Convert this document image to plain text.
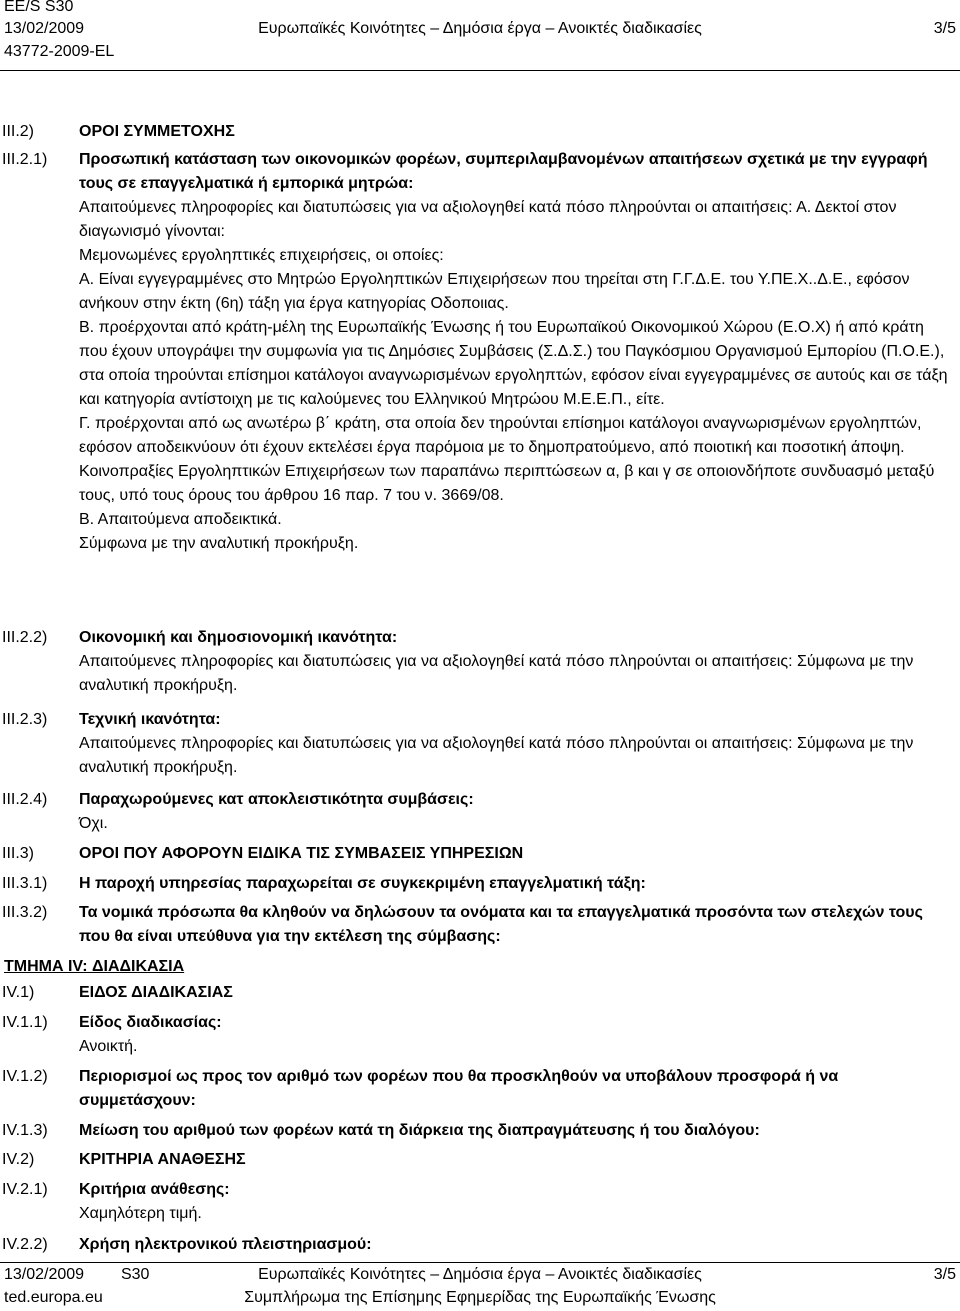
EE/S S30
13/02/2009	Ευρωπαϊκές Κοινότητες – Δημόσια έργα – Ανοικτές διαδικασίες	3/5
43772-2009-EL
III.2)	ΟΡΟΙ ΣΥΜΜΕΤΟΧΗΣ
III.2.1) Προσωπική κατάσταση των οικονομικών φορέων, συμπεριλαμβανομένων απαιτήσεων σχετικά με την εγγραφή τους σε επαγγελματικά ή εμπορικά μητρώα:
Απαιτούμενες πληροφορίες και διατυπώσεις για να αξιολογηθεί κατά πόσο πληρούνται οι απαιτήσεις: Α. Δεκτοί στον διαγωνισμό γίνονται:
Μεμονωμένες εργοληπτικές επιχειρήσεις, οι οποίες:
Α. Είναι εγγεγραμμένες στο Μητρώο Εργοληπτικών Επιχειρήσεων που τηρείται στη Γ.Γ.Δ.Ε. του Υ.ΠΕ.Χ..Δ.Ε., εφόσον ανήκουν στην έκτη (6η) τάξη για έργα κατηγορίας Οδοποιιας.
Β. προέρχονται από κράτη-μέλη της Ευρωπαϊκής Ένωσης ή του Ευρωπαϊκού Οικονομικού Χώρου (Ε.Ο.Χ) ή από κράτη που έχουν υπογράψει την συμφωνία για τις Δημόσιες Συμβάσεις (Σ.Δ.Σ.) του Παγκόσμιου Οργανισμού Εμπορίου (Π.Ο.Ε.), στα οποία τηρούνται επίσημοι κατάλογοι αναγνωρισμένων εργοληπτών, εφόσον είναι εγγεγραμμένες σε αυτούς και σε τάξη και κατηγορία αντίστοιχη με τις καλούμενες του Ελληνικού Μητρώου Μ.Ε.Ε.Π., είτε.
Γ. προέρχονται από ως ανωτέρω β΄ κράτη, στα οποία δεν τηρούνται επίσημοι κατάλογοι αναγνωρισμένων εργοληπτών, εφόσον αποδεικνύουν ότι έχουν εκτελέσει έργα παρόμοια με το δημοπρατούμενο, από ποιοτική και ποσοτική άποψη.
Κοινοπραξίες Εργοληπτικών Επιχειρήσεων των παραπάνω περιπτώσεων α, β και γ σε οποιονδήποτε συνδυασμό μεταξύ τους, υπό τους όρους του άρθρου 16 παρ. 7 του ν. 3669/08.
Β. Απαιτούμενα αποδεικτικά.
Σύμφωνα με την αναλυτική προκήρυξη.
III.2.2) Οικονομική και δημοσιονομική ικανότητα:
Απαιτούμενες πληροφορίες και διατυπώσεις για να αξιολογηθεί κατά πόσο πληρούνται οι απαιτήσεις: Σύμφωνα με την αναλυτική προκήρυξη.
III.2.3) Τεχνική ικανότητα:
Απαιτούμενες πληροφορίες και διατυπώσεις για να αξιολογηθεί κατά πόσο πληρούνται οι απαιτήσεις: Σύμφωνα με την αναλυτική προκήρυξη.
III.2.4) Παραχωρούμενες κατ αποκλειστικότητα συμβάσεις:
Όχι.
III.3)	ΟΡΟΙ ΠΟΥ ΑΦΟΡΟΥΝ ΕΙΔΙΚΑ ΤΙΣ ΣΥΜΒΑΣΕΙΣ ΥΠΗΡΕΣΙΩΝ
III.3.1) Η παροχή υπηρεσίας παραχωρείται σε συγκεκριμένη επαγγελματική τάξη:
III.3.2) Τα νομικά πρόσωπα θα κληθούν να δηλώσουν τα ονόματα και τα επαγγελματικά προσόντα των στελεχών τους που θα είναι υπεύθυνα για την εκτέλεση της σύμβασης:
ΤΜΗΜΑ IV: ΔΙΑΔΙΚΑΣΙΑ
IV.1)	ΕΙΔΟΣ ΔΙΑΔΙΚΑΣΙΑΣ
IV.1.1) Είδος διαδικασίας:
Ανοικτή.
IV.1.2) Περιορισμοί ως προς τον αριθμό των φορέων που θα προσκληθούν να υποβάλουν προσφορά ή να συμμετάσχουν:
IV.1.3) Μείωση του αριθμού των φορέων κατά τη διάρκεια της διαπραγμάτευσης ή του διαλόγου:
IV.2)	ΚΡΙΤΗΡΙΑ ΑΝΑΘΕΣΗΣ
IV.2.1) Κριτήρια ανάθεσης:
Χαμηλότερη τιμή.
IV.2.2) Χρήση ηλεκτρονικού πλειστηριασμού:
13/02/2009 S30	Ευρωπαϊκές Κοινότητες – Δημόσια έργα – Ανοικτές διαδικασίες	3/5
ted.europa.eu	Συμπλήρωμα της Επίσημης Εφημερίδας της Ευρωπαϊκής Ένωσης
